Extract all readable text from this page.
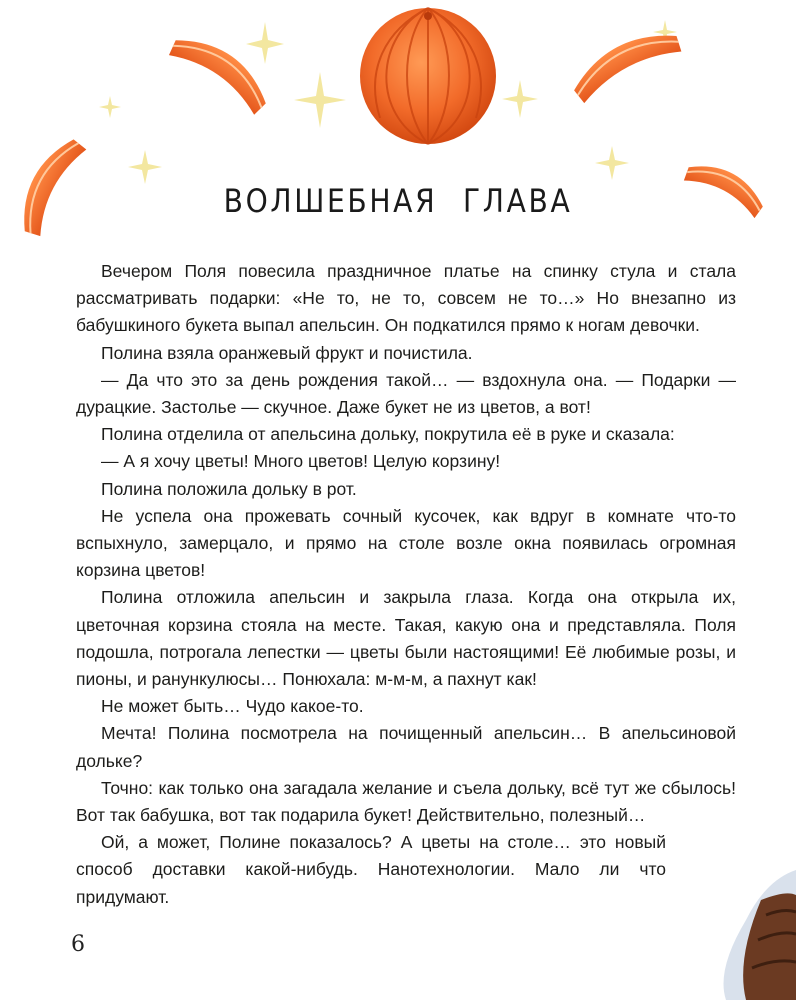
ВОЛШЕБНАЯ ГЛАВА

Вечером Поля повесила праздничное платье на спинку стула и стала рассматривать подарки: «Не то, не то, совсем не то…» Но внезапно из бабушкиного букета выпал апельсин. Он подкатился прямо к ногам девочки.

Полина взяла оранжевый фрукт и почистила.

— Да что это за день рождения такой… — вздохнула она. — Подарки — дурацкие. Застолье — скучное. Даже букет не из цветов, а вот!

Полина отделила от апельсина дольку, покрутила её в руке и сказала:

— А я хочу цветы! Много цветов! Целую корзину!

Полина положила дольку в рот.

Не успела она прожевать сочный кусочек, как вдруг в комнате что-то вспыхнуло, замерцало, и прямо на столе возле окна появилась огромная корзина цветов!

Полина отложила апельсин и закрыла глаза. Когда она открыла их, цветочная корзина стояла на месте. Такая, какую она и представляла. Поля подошла, потрогала лепестки — цветы были настоящими! Её любимые розы, и пионы, и ранункулюсы… Понюхала: м-м-м, а пахнут как!

Не может быть… Чудо какое-то.

Мечта! Полина посмотрела на почищенный апельсин… В апельсиновой дольке?

Точно: как только она загадала желание и съела дольку, всё тут же сбылось! Вот так бабушка, вот так подарила букет! Действительно, полезный…

Ой, а может, Полине показалось? А цветы на столе… это новый способ доставки какой-нибудь. Нанотехнологии. Мало ли что придумают.

6
